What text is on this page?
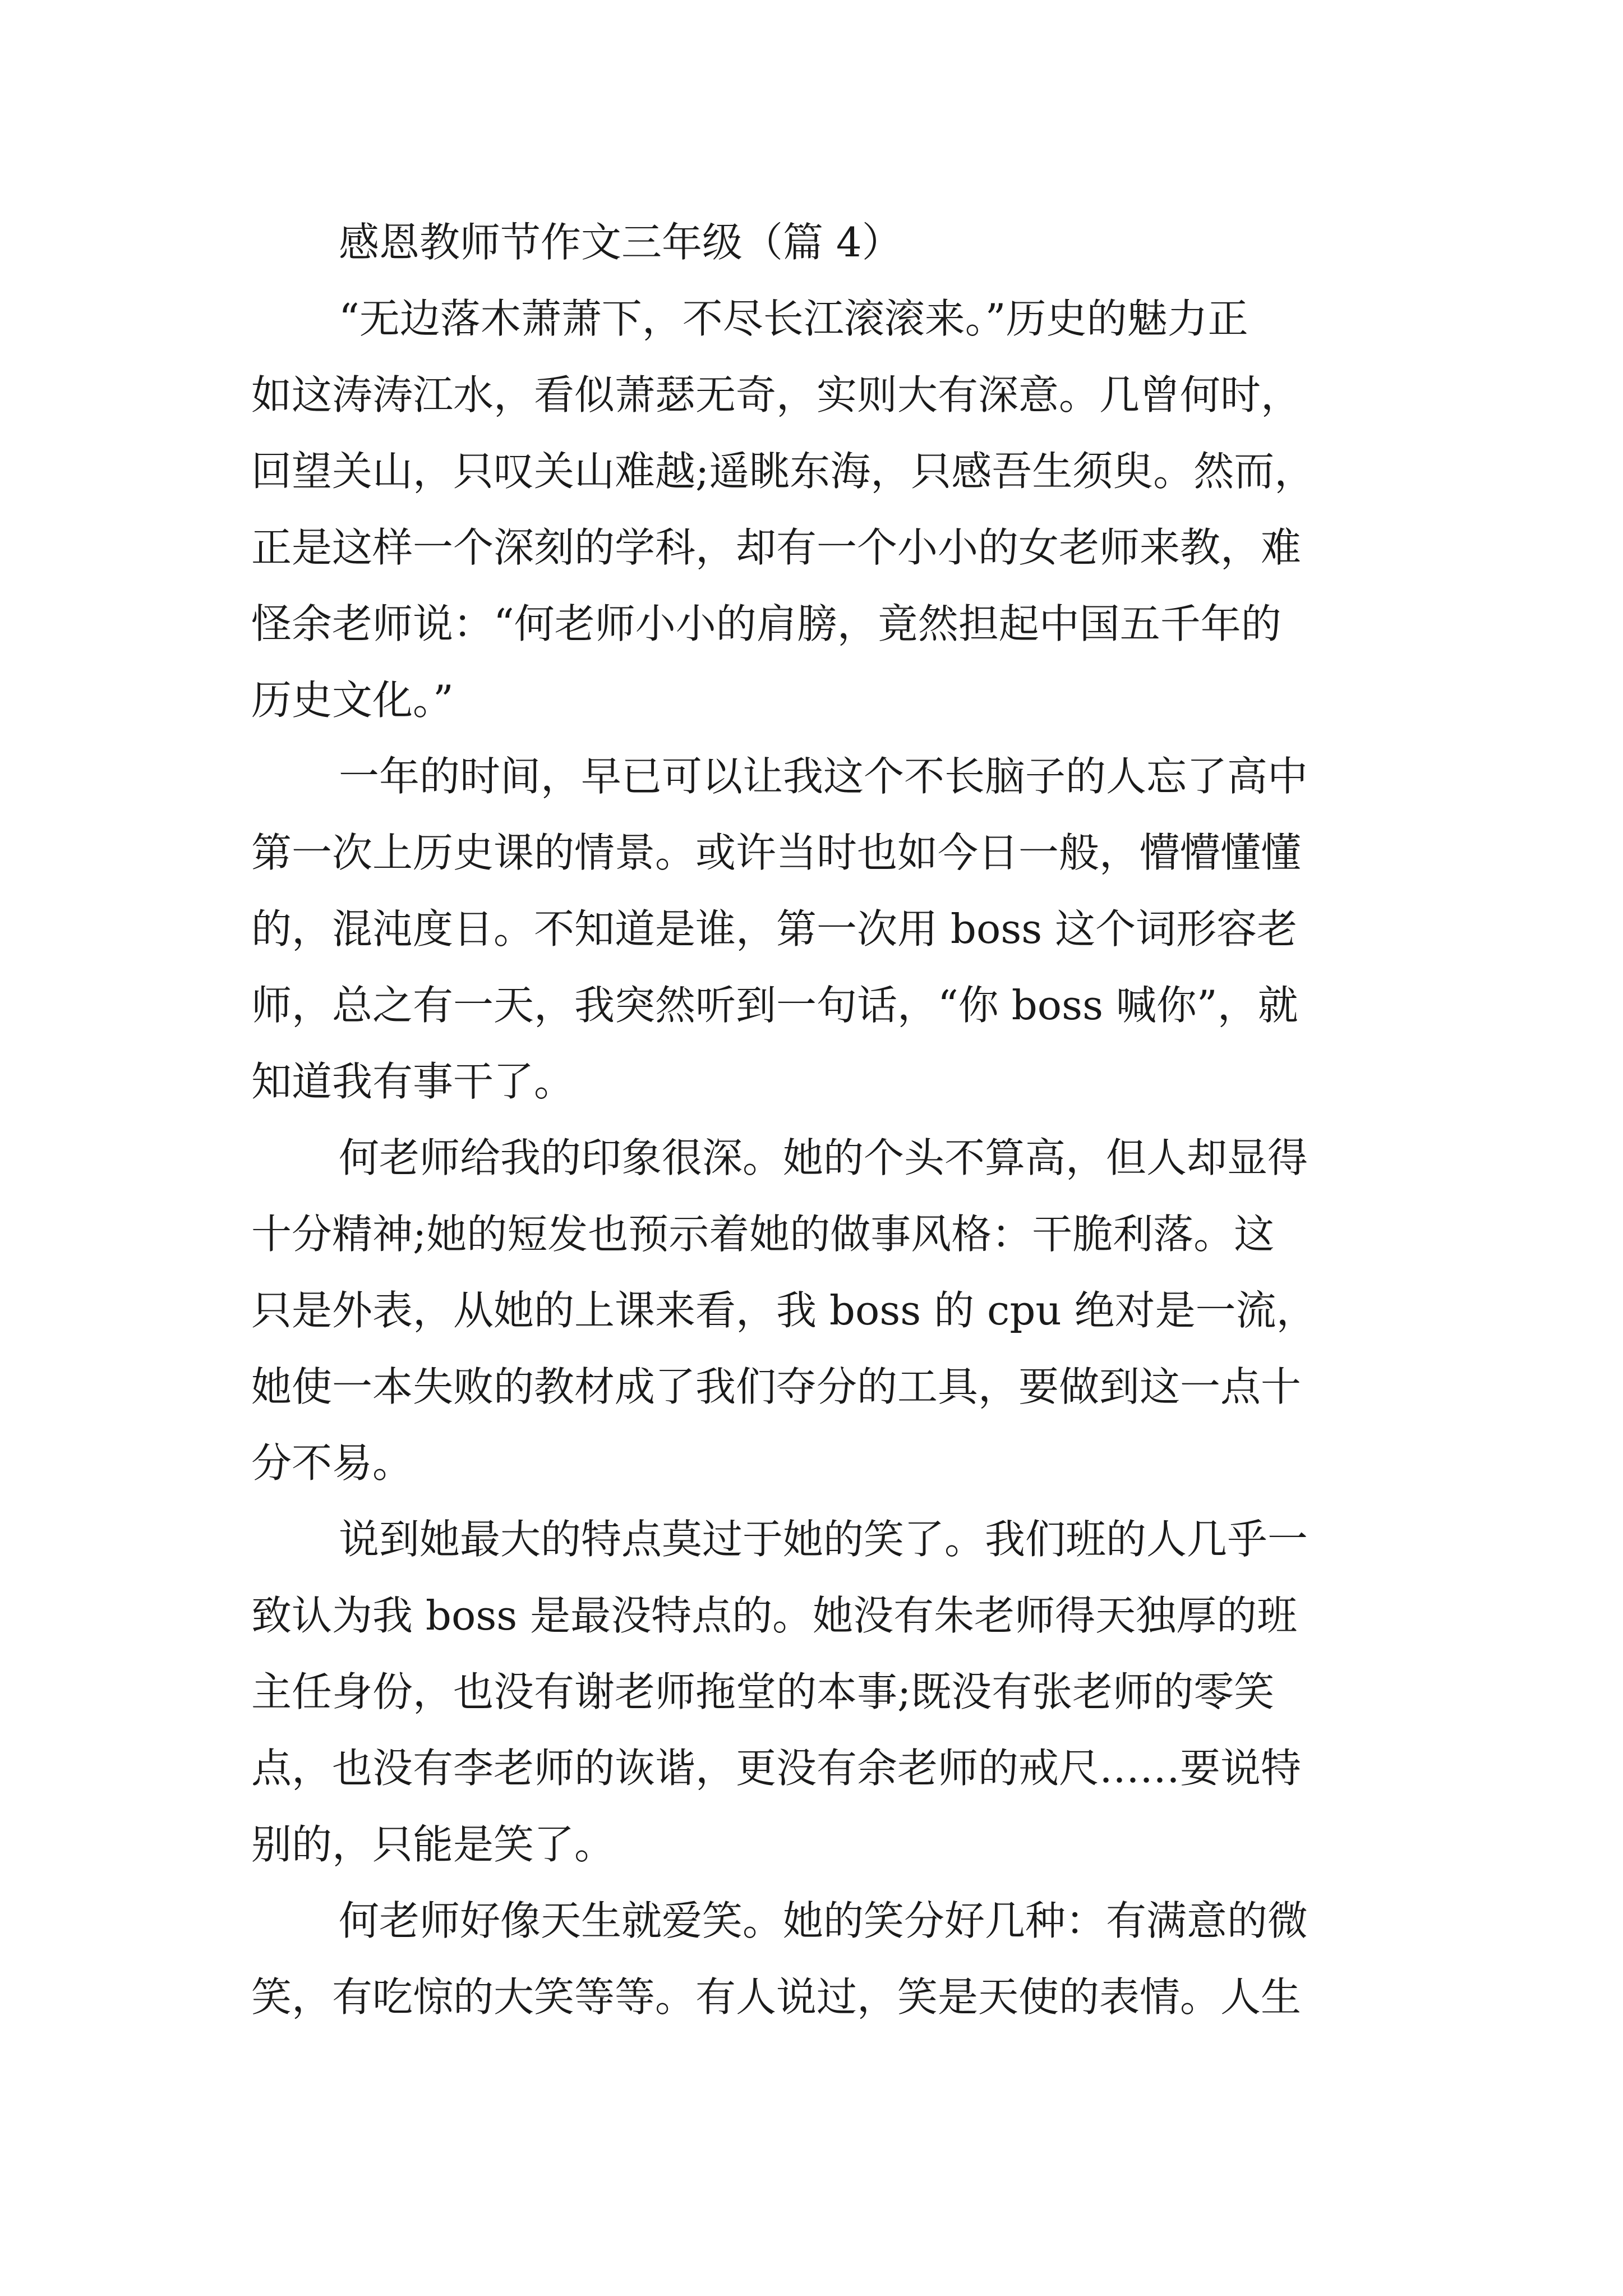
感恩教师节作文三年级（篇 4）

“无边落木萧萧下，不尽长江滚滚来。”历史的魅力正

如这涛涛江水，看似萧瑟无奇，实则大有深意。几曾何时，

回望关山，只叹关山难越;遥眺东海，只感吾生须臾。然而，

正是这样一个深刻的学科，却有一个小小的女老师来教，难

怪余老师说：“何老师小小的肩膀，竟然担起中国五千年的

历史文化。”

一年的时间，早已可以让我这个不长脑子的人忘了高中

第一次上历史课的情景。或许当时也如今日一般，懵懵懂懂

的，混沌度日。不知道是谁，第一次用 boss 这个词形容老

师，总之有一天，我突然听到一句话，“你 boss 喊你”，就

知道我有事干了。

何老师给我的印象很深。她的个头不算高，但人却显得

十分精神;她的短发也预示着她的做事风格：干脆利落。这

只是外表，从她的上课来看，我 boss 的 cpu 绝对是一流，

她使一本失败的教材成了我们夺分的工具，要做到这一点十

分不易。

说到她最大的特点莫过于她的笑了。我们班的人几乎一

致认为我 boss 是最没特点的。她没有朱老师得天独厚的班

主任身份，也没有谢老师拖堂的本事;既没有张老师的零笑

点，也没有李老师的诙谐，更没有余老师的戒尺……要说特

别的，只能是笑了。

何老师好像天生就爱笑。她的笑分好几种：有满意的微

笑，有吃惊的大笑等等。有人说过，笑是天使的表情。人生
